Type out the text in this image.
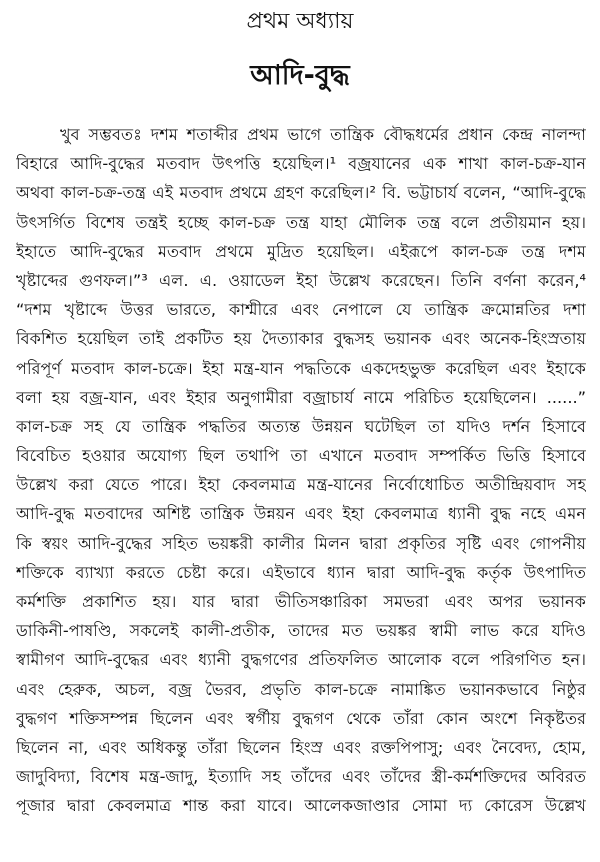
প্রথম অধ্যায়
আদি-বুদ্ধ
খুব সম্ভবতঃ দশম শতাব্দীর প্রথম ভাগে তান্ত্রিক বৌদ্ধধর্মের প্রধান কেন্দ্র নালন্দা
বিহারে আদি-বুদ্ধের মতবাদ উৎপত্তি হয়েছিল।¹ বজ্রযানের এক শাখা কাল-চক্র-যান
অথবা কাল-চক্র-তন্ত্র এই মতবাদ প্রথমে গ্রহণ করেছিল।² বি. ভট্টাচার্য বলেন, “আদি-বুদ্ধে
উৎসর্গিত বিশেষ তন্ত্রই হচ্ছে কাল-চক্র তন্ত্র যাহা মৌলিক তন্ত্র বলে প্রতীয়মান হয়।
ইহাতে আদি-বুদ্ধের মতবাদ প্রথমে মুদ্রিত হয়েছিল। এইরূপে কাল-চক্র তন্ত্র দশম
খৃষ্টাব্দের গুণফল।”³ এল. এ. ওয়াডেল ইহা উল্লেখ করেছেন। তিনি বর্ণনা করেন,⁴
“দশম খৃষ্টাব্দে উত্তর ভারতে, কাশ্মীরে এবং নেপালে যে তান্ত্রিক ক্রমোন্নতির দশা
বিকশিত হয়েছিল তাই প্রকটিত হয় দৈত্যাকার বুদ্ধসহ ভয়ানক এবং অনেক-হিংস্রতায়
পরিপূর্ণ মতবাদ কাল-চক্রে। ইহা মন্ত্র-যান পদ্ধতিকে একদেহভুক্ত করেছিল এবং ইহাকে
বলা হয় বজ্র-যান, এবং ইহার অনুগামীরা বজ্রাচার্য নামে পরিচিত হয়েছিলেন। ......”
কাল-চক্র সহ যে তান্ত্রিক পদ্ধতির অত্যন্ত উন্নয়ন ঘটেছিল তা যদিও দর্শন হিসাবে
বিবেচিত হওয়ার অযোগ্য ছিল তথাপি তা এখানে মতবাদ সম্পর্কিত ভিত্তি হিসাবে
উল্লেখ করা যেতে পারে। ইহা কেবলমাত্র মন্ত্র-যানের নির্বোধোচিত অতীন্দ্রিয়বাদ সহ
আদি-বুদ্ধ মতবাদের অশিষ্ট তান্ত্রিক উন্নয়ন এবং ইহা কেবলমাত্র ধ্যানী বুদ্ধ নহে এমন
কি স্বয়ং আদি-বুদ্ধের সহিত ভয়ঙ্করী কালীর মিলন দ্বারা প্রকৃতির সৃষ্টি এবং গোপনীয়
শক্তিকে ব্যাখ্যা করতে চেষ্টা করে। এইভাবে ধ্যান দ্বারা আদি-বুদ্ধ কর্তৃক উৎপাদিত
কর্মশক্তি প্রকাশিত হয়। যার দ্বারা ভীতিসঞ্চারিকা সমভরা এবং অপর ভয়ানক
ডাকিনী-পাষণ্ডি, সকলেই কালী-প্রতীক, তাদের মত ভয়ঙ্কর স্বামী লাভ করে যদিও
স্বামীগণ আদি-বুদ্ধের এবং ধ্যানী বুদ্ধগণের প্রতিফলিত আলোক বলে পরিগণিত হন।
এবং হেরুক, অচল, বজ্র ভৈরব, প্রভৃতি কাল-চক্রে নামাঙ্কিত ভয়ানকভাবে নিষ্ঠুর
বুদ্ধগণ শক্তিসম্পন্ন ছিলেন এবং স্বর্গীয় বুদ্ধগণ থেকে তাঁরা কোন অংশে নিকৃষ্টতর
ছিলেন না, এবং অধিকন্তু তাঁরা ছিলেন হিংস্র এবং রক্তপিপাসু; এবং নৈবেদ্য, হোম,
জাদুবিদ্যা, বিশেষ মন্ত্র-জাদু, ইত্যাদি সহ তাঁদের এবং তাঁদের স্ত্রী-কর্মশক্তিদের অবিরত
পূজার দ্বারা কেবলমাত্র শান্ত করা যাবে। আলেকজাণ্ডার সোমা দ্য কোরেস উল্লেখ
